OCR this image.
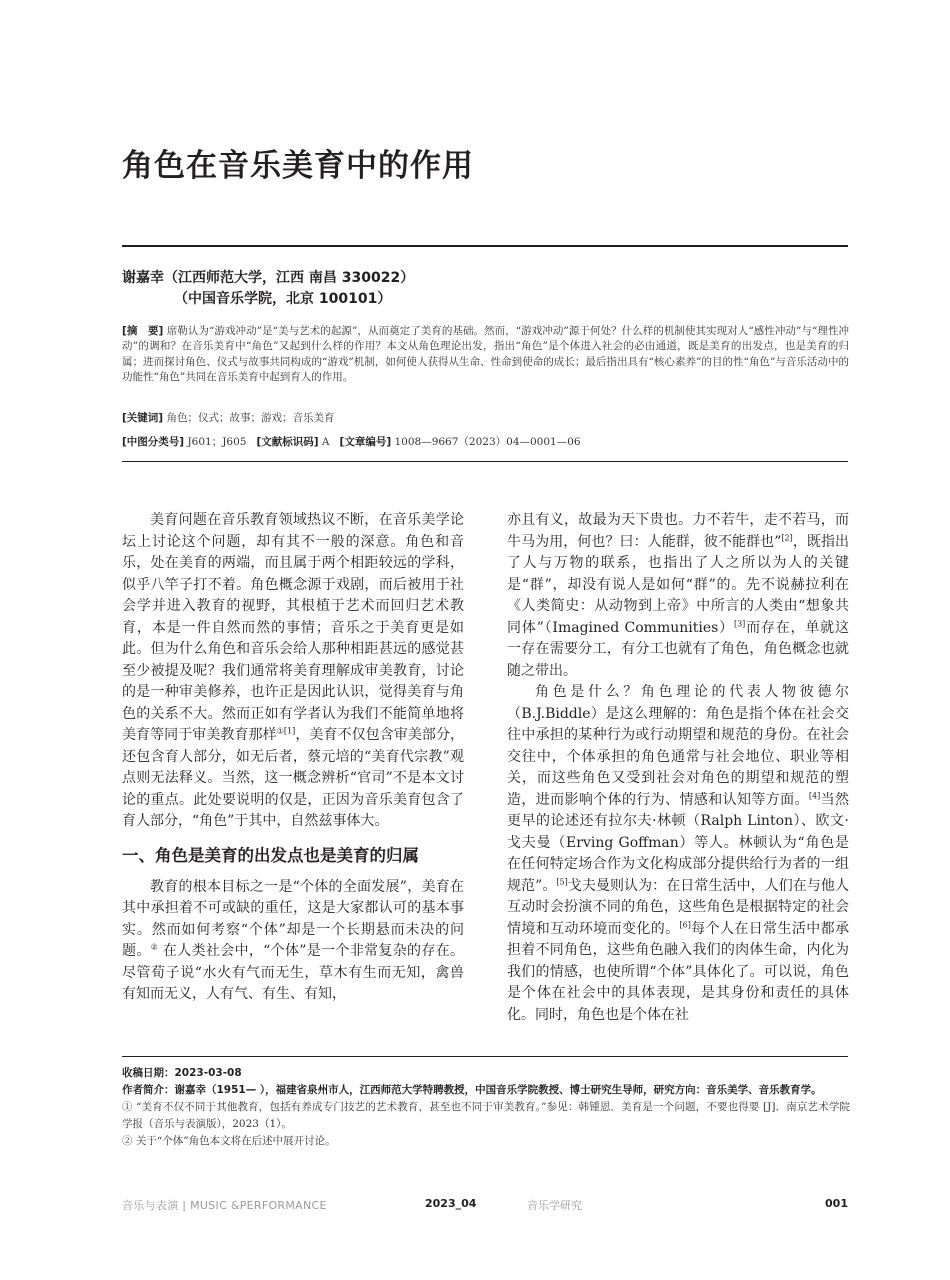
角色在音乐美育中的作用
谢嘉幸（江西师范大学，江西 南昌 330022）
（中国音乐学院，北京 100101）
[摘　要] 席勒认为“游戏冲动”是“美与艺术的起源”，从而奠定了美育的基础。然而，“游戏冲动”源于何处？什么样的机制使其实现对人“感性冲动”与“理性冲动”的调和？在音乐美育中“角色”又起到什么样的作用？本文从角色理论出发，指出“角色”是个体进入社会的必由通道，既是美育的出发点，也是美育的归属；进而探讨角色、仪式与故事共同构成的“游戏”机制，如何使人获得从生命、性命到使命的成长；最后指出具有“核心素养”的目的性“角色”与音乐活动中的功能性“角色”共同在音乐美育中起到育人的作用。
[关键词] 角色；仪式；故事；游戏；音乐美育
[中图分类号] J601；J605 [文献标识码] A [文章编号] 1008—9667（2023）04—0001—06

美育问题在音乐教育领域热议不断，在音乐美学论坛上讨论这个问题，却有其不一般的深意。角色和音乐，处在美育的两端，而且属于两个相距较远的学科，似乎八竿子打不着。角色概念源于戏剧，而后被用于社会学并进入教育的视野，其根植于艺术而回归艺术教育，本是一件自然而然的事情；音乐之于美育更是如此。但为什么角色和音乐会给人那种相距甚远的感觉甚至少被提及呢？我们通常将美育理解成审美教育，讨论的是一种审美修养，也许正是因此认识，觉得美育与角色的关系不大。然而正如有学者认为我们不能简单地将美育等同于审美教育那样$^{①[1]}$，美育不仅包含审美部分，还包含育人部分，如无后者，蔡元培的“美育代宗教”观点则无法释义。当然，这一概念辨析“官司”不是本文讨论的重点。此处要说明的仅是，正因为音乐美育包含了育人部分，“角色”于其中，自然兹事体大。

一、角色是美育的出发点也是美育的归属

教育的根本目标之一是“个体的全面发展”，美育在其中承担着不可或缺的重任，这是大家都认可的基本事实。然而如何考察“个体”却是一个长期悬而未决的问题。② 在人类社会中，“个体”是一个非常复杂的存在。尽管荀子说“水火有气而无生，草木有生而无知，禽兽有知而无义，人有气、有生、有知，

亦且有义，故最为天下贵也。力不若牛，走不若马，而牛马为用，何也？曰：人能群，彼不能群也”[2]，既指出了人与万物的联系，也指出了人之所以为人的关键是“群”，却没有说人是如何“群”的。先不说赫拉利在《人类简史：从动物到上帝》中所言的人类由“想象共同体”（Imagined Communities）[3]而存在，单就这一存在需要分工，有分工也就有了角色，角色概念也就随之带出。

角色是什么？角色理论的代表人物彼德尔（B.J.Biddle）是这么理解的：角色是指个体在社会交往中承担的某种行为或行动期望和规范的身份。在社会交往中，个体承担的角色通常与社会地位、职业等相关，而这些角色又受到社会对角色的期望和规范的塑造，进而影响个体的行为、情感和认知等方面。[4]当然更早的论述还有拉尔夫·林顿（Ralph Linton）、欧文·戈夫曼（Erving Goffman）等人。林顿认为“角色是在任何特定场合作为文化构成部分提供给行为者的一组规范”。[5]戈夫曼则认为：在日常生活中，人们在与他人互动时会扮演不同的角色，这些角色是根据特定的社会情境和互动环境而变化的。[6]每个人在日常生活中都承担着不同角色，这些角色融入我们的肉体生命，内化为我们的情感，也使所谓“个体”具体化了。可以说，角色是个体在社会中的具体表现，是其身份和责任的具体化。同时，角色也是个体在社

收稿日期：2023-03-08

作者简介：谢嘉幸（1951— ），福建省泉州市人，江西师范大学特聘教授，中国音乐学院教授、博士研究生导师，研究方向：音乐美学、音乐教育学。

① “美育不仅不同于其他教育，包括有养成专门技艺的艺术教育，甚至也不同于审美教育。”参见：韩锺恩．美育是一个问题，不要也得要 [J]．南京艺术学院学报（音乐与表演版），2023（1）。

② 关于“个体”角色本文将在后述中展开讨论。

音乐与表演 | MUSIC &PERFORMANCE	2023_04	音乐学研究	001
